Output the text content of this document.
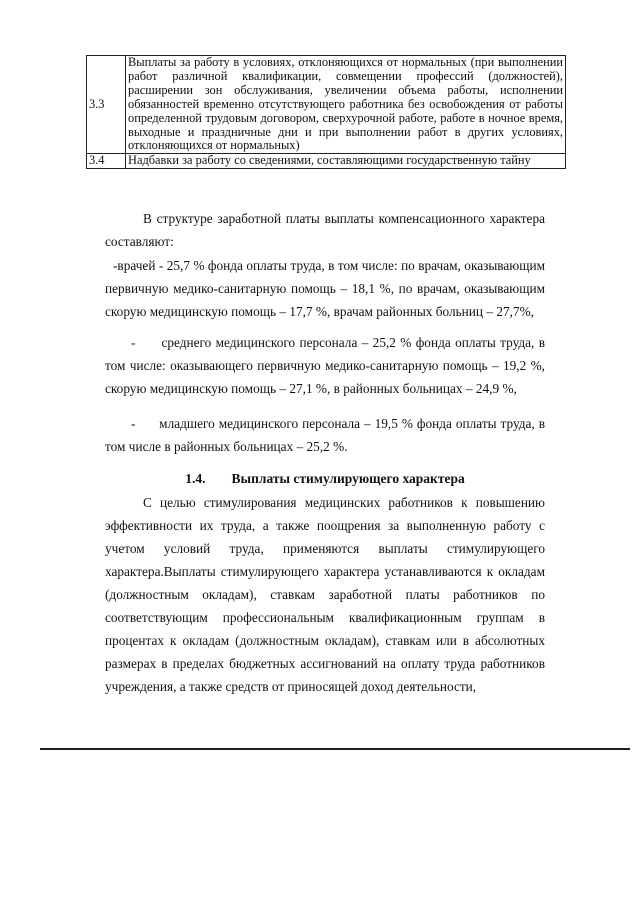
3.3	Выплаты за работу в условиях, отклоняющихся от нормальных (при выполнении работ различной квалификации, совмещении профессий (должностей), расширении зон обслуживания, увеличении объема работы, исполнении обязанностей временно отсутствующего работника без освобождения от работы определенной трудовым договором, сверхурочной работе, работе в ночное время, выходные и праздничные дни и при выполнении работ в других условиях, отклоняющихся от нормальных)
3.4	Надбавки за работу со сведениями, составляющими государственную тайну

В структуре заработной платы выплаты компенсационного характера составляют:

-врачей - 25,7 % фонда оплаты труда, в том числе: по врачам, оказывающим первичную медико-санитарную помощь – 18,1 %, по врачам, оказывающим скорую медицинскую помощь – 17,7 %, врачам районных больниц – 27,7%,

-      среднего медицинского персонала – 25,2 % фонда оплаты труда, в том числе: оказывающего первичную медико-санитарную помощь – 19,2 %, скорую медицинскую помощь – 27,1 %, в районных больницах – 24,9 %,

-      младшего медицинского персонала – 19,5 % фонда оплаты труда, в том числе в районных больницах – 25,2 %.

1.4. Выплаты стимулирующего характера

С целью стимулирования медицинских работников к повышению эффективности их труда, а также поощрения за выполненную работу с учетом условий труда, применяются выплаты стимулирующего характера.Выплаты стимулирующего характера устанавливаются к окладам (должностным окладам), ставкам заработной платы работников по соответствующим профессиональным квалификационным группам в процентах к окладам (должностным окладам), ставкам или в абсолютных размерах в пределах бюджетных ассигнований на оплату труда работников учреждения, а также средств от приносящей доход деятельности,
